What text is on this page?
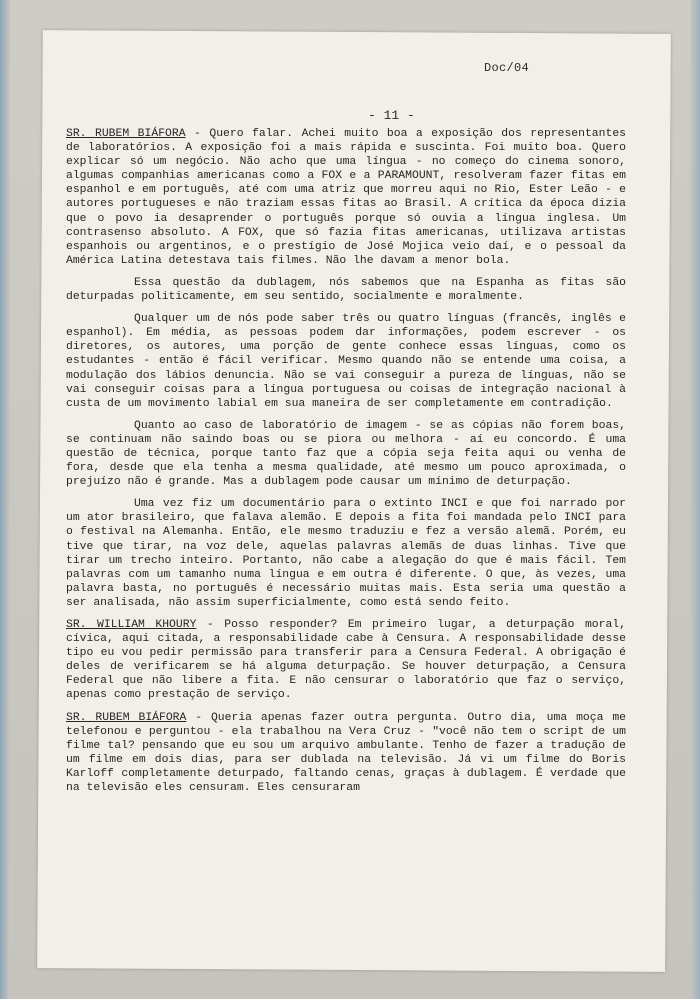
Doc/04
- 11 -

SR. RUBEM BIÁFORA - Quero falar. Achei muito boa a exposição dos representantes de laboratórios. A exposição foi a mais rápida e suscinta. Foi muito boa. Quero explicar só um negócio. Não acho que uma língua - no começo do cinema sonoro, algumas companhias americanas como a FOX e a PARAMOUNT, resolveram fazer fitas em espanhol e em português, até com uma atriz que morreu aqui no Rio, Ester Leão - e autores portugueses e não traziam essas fitas ao Brasil. A crítica da época dizia que o povo ia desaprender o português porque só ouvia a língua inglesa. Um contrasenso absoluto. A FOX, que só fazia fitas americanas, utilizava artistas espanhois ou argentinos, e o prestígio de José Mojica veio daí, e o pessoal da América Latina detestava tais filmes. Não lhe davam a menor bola.

Essa questão da dublagem, nós sabemos que na Espanha as fitas são deturpadas politicamente, em seu sentido, socialmente e moralmente.

Qualquer um de nós pode saber três ou quatro línguas (francês, inglês e espanhol). Em média, as pessoas podem dar informações, podem escrever - os diretores, os autores, uma porção de gente conhece essas línguas, como os estudantes - então é fácil verificar. Mesmo quando não se entende uma coisa, a modulação dos lábios denuncia. Não se vai conseguir a pureza de línguas, não se vai conseguir coisas para a língua portuguesa ou coisas de integração nacional à custa de um movimento labial em sua maneira de ser completamente em contradição.

Quanto ao caso de laboratório de imagem - se as cópias não forem boas, se continuam não saindo boas ou se piora ou melhora - aí eu concordo. É uma questão de técnica, porque tanto faz que a cópia seja feita aqui ou venha de fora, desde que ela tenha a mesma qualidade, até mesmo um pouco aproximada, o prejuízo não é grande. Mas a dublagem pode causar um mínimo de deturpação.

Uma vez fiz um documentário para o extinto INCI e que foi narrado por um ator brasileiro, que falava alemão. E depois a fita foi mandada pelo INCI para o festival na Alemanha. Então, ele mesmo traduziu e fez a versão alemã. Porém, eu tive que tirar, na voz dele, aquelas palavras alemãs de duas linhas. Tive que tirar um trecho inteiro. Portanto, não cabe a alegação do que é mais fácil. Tem palavras com um tamanho numa língua e em outra é diferente. O que, às vezes, uma palavra basta, no português é necessário muitas mais. Esta seria uma questão a ser analisada, não assim superficialmente, como está sendo feito.

SR. WILLIAM KHOURY - Posso responder? Em primeiro lugar, a deturpação moral, cívica, aqui citada, a responsabilidade cabe à Censura. A responsabilidade desse tipo eu vou pedir permissão para transferir para a Censura Federal. A obrigação é deles de verificarem se há alguma deturpação. Se houver deturpação, a Censura Federal que não libere a fita. E não censurar o laboratório que faz o serviço, apenas como prestação de serviço.

SR. RUBEM BIÁFORA - Queria apenas fazer outra pergunta. Outro dia, uma moça me telefonou e perguntou - ela trabalhou na Vera Cruz - "você não tem o script de um filme tal? pensando que eu sou um arquivo ambulante. Tenho de fazer a tradução de um filme em dois dias, para ser dublada na televisão. Já vi um filme do Boris Karloff completamente deturpado, faltando cenas, graças à dublagem. É verdade que na televisão eles censuram. Eles censuraram
